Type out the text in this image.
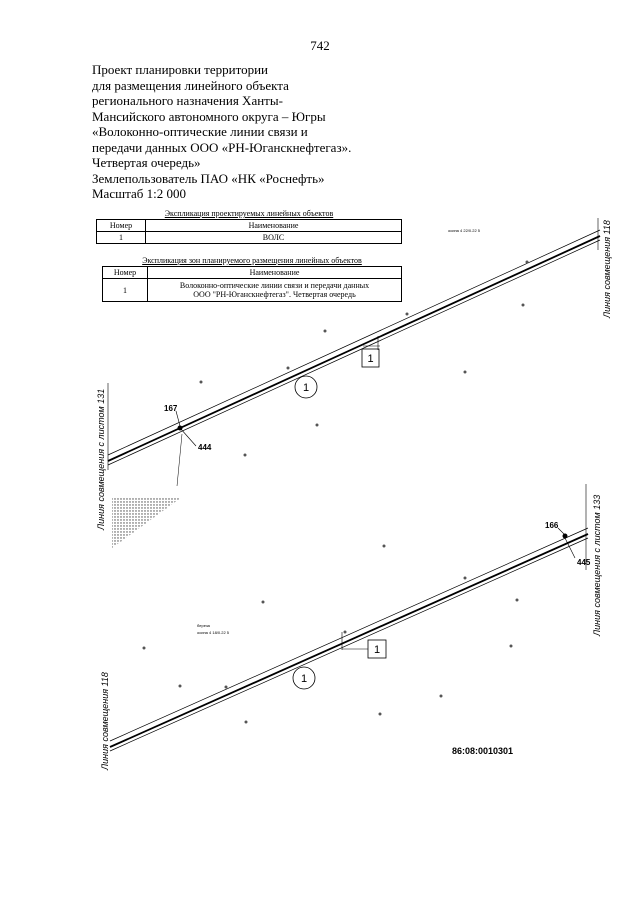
742
Проект планировки территории
для размещения линейного объекта
регионального назначения Ханты-
Мансийского автономного округа – Югры
«Волоконно-оптические линии связи и
передачи данных ООО «РН-Юганскнефтегаз».
Четвертая очередь»
Землепользователь ПАО «НК «Роснефть»
Масштаб 1:2 000
Экспликация проектируемых линейных объектов
Номер	Наименование
1	ВОЛС
Экспликация зон планируемого размещения линейных объектов
Номер	Наименование
1	Волоконно-оптические линии связи и передачи данных
ООО "РН-Юганскнефтегаз". Четвертая очередь
осина 4 22/0.22 5
167
444
1
1
Линия совмещения с листом 131
Линия совмещения 118
береза
осина 4 18/0.22 5
166
445
1
1
Линия совмещения 118
Линия совмещения с листом 133
86:08:0010301
